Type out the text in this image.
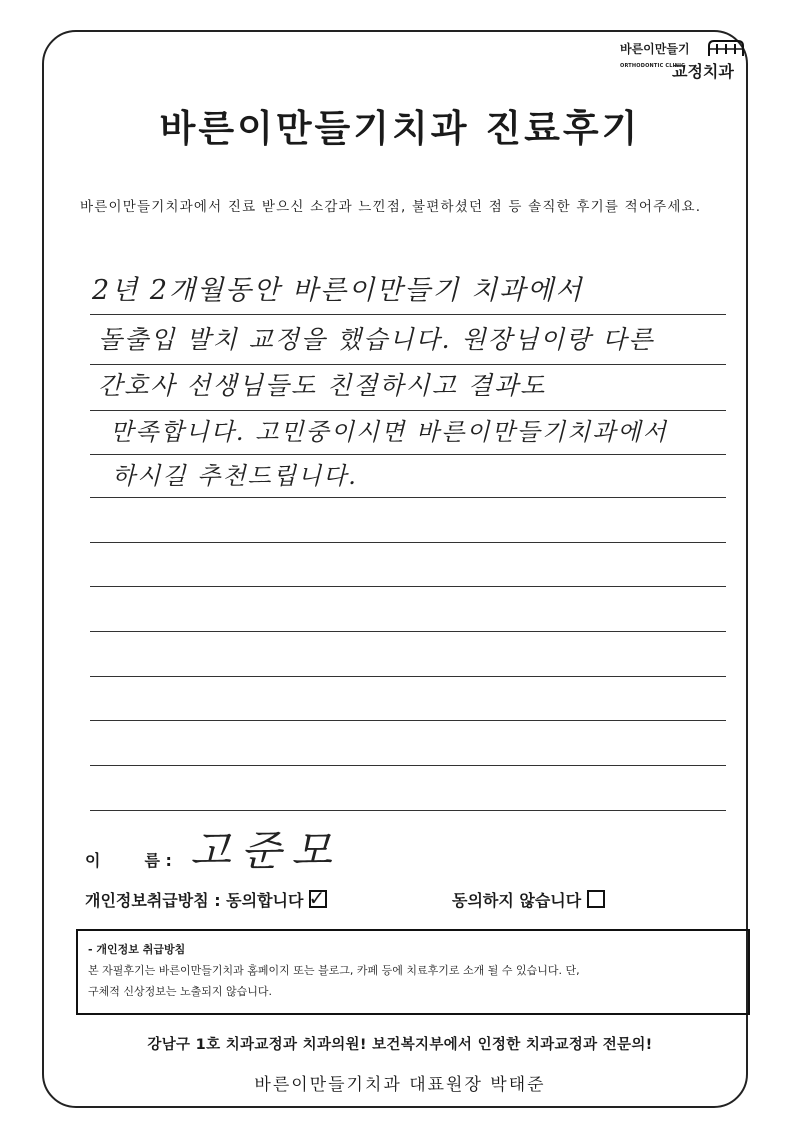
바른이만들기
ORTHODONTIC CLINIC
교정치과
바른이만들기치과 진료후기
바른이만들기치과에서 진료 받으신 소감과 느낀점, 불편하셨던 점 등 솔직한 후기를 적어주세요.
2년 2개월동안 바른이만들기 치과에서
돌출입 발치 교정을 했습니다. 원장님이랑 다른
간호사 선생님들도 친절하시고 결과도
만족합니다. 고민중이시면 바른이만들기치과에서
하시길 추천드립니다.
이	름 : 고준모
개인정보취급방침 : 동의합니다 ✓	동의하지 않습니다
- 개인정보 취급방침
본 자필후기는 바른이만들기치과 홈페이지 또는 블로그, 카페 등에 치료후기로 소개 될 수 있습니다. 단,
구체적 신상정보는 노출되지 않습니다.
강남구 1호 치과교정과 치과의원! 보건복지부에서 인정한 치과교정과 전문의!
바른이만들기치과 대표원장 박태준
